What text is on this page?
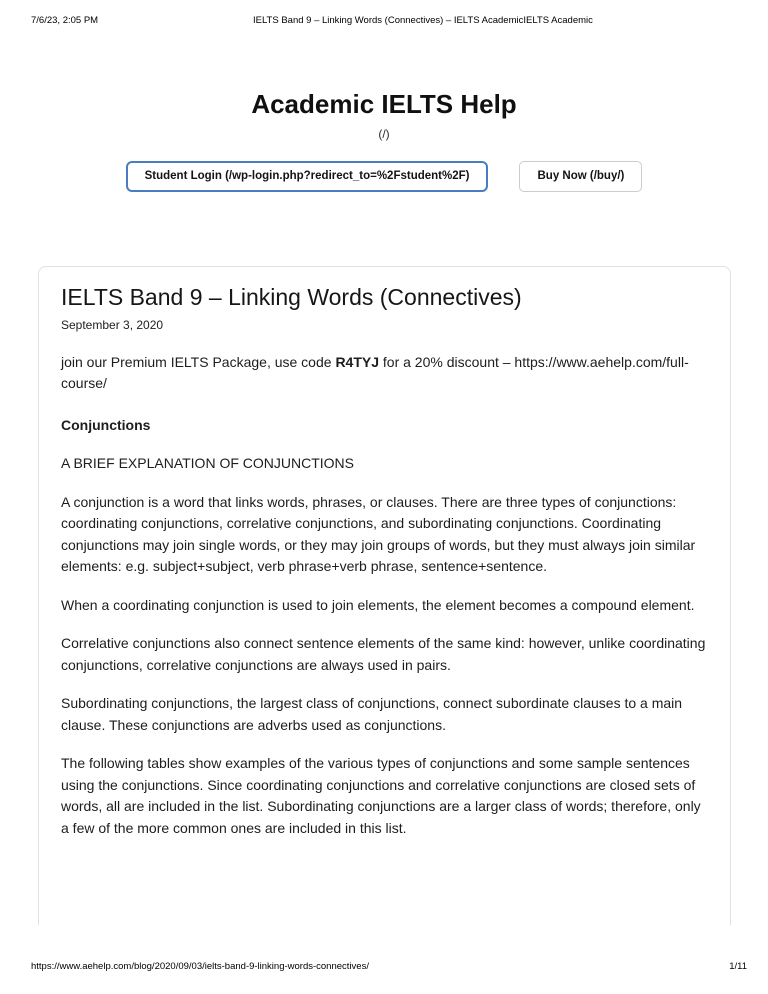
7/6/23, 2:05 PM	IELTS Band 9 – Linking Words (Connectives) – IELTS AcademicIELTS Academic
Academic IELTS Help
(/)
Student Login (/wp-login.php?redirect_to=%2Fstudent%2F)	Buy Now (/buy/)
IELTS Band 9 – Linking Words (Connectives)
September 3, 2020

join our Premium IELTS Package, use code R4TYJ for a 20% discount – https://www.aehelp.com/full-course/

Conjunctions

A BRIEF EXPLANATION OF CONJUNCTIONS

A conjunction is a word that links words, phrases, or clauses. There are three types of conjunctions: coordinating conjunctions, correlative conjunctions, and subordinating conjunctions. Coordinating conjunctions may join single words, or they may join groups of words, but they must always join similar elements: e.g. subject+subject, verb phrase+verb phrase, sentence+sentence.

When a coordinating conjunction is used to join elements, the element becomes a compound element.

Correlative conjunctions also connect sentence elements of the same kind: however, unlike coordinating conjunctions, correlative conjunctions are always used in pairs.

Subordinating conjunctions, the largest class of conjunctions, connect subordinate clauses to a main clause. These conjunctions are adverbs used as conjunctions.

The following tables show examples of the various types of conjunctions and some sample sentences using the conjunctions. Since coordinating conjunctions and correlative conjunctions are closed sets of words, all are included in the list. Subordinating conjunctions are a larger class of words; therefore, only a few of the more common ones are included in this list.

https://www.aehelp.com/blog/2020/09/03/ielts-band-9-linking-words-connectives/	1/11
